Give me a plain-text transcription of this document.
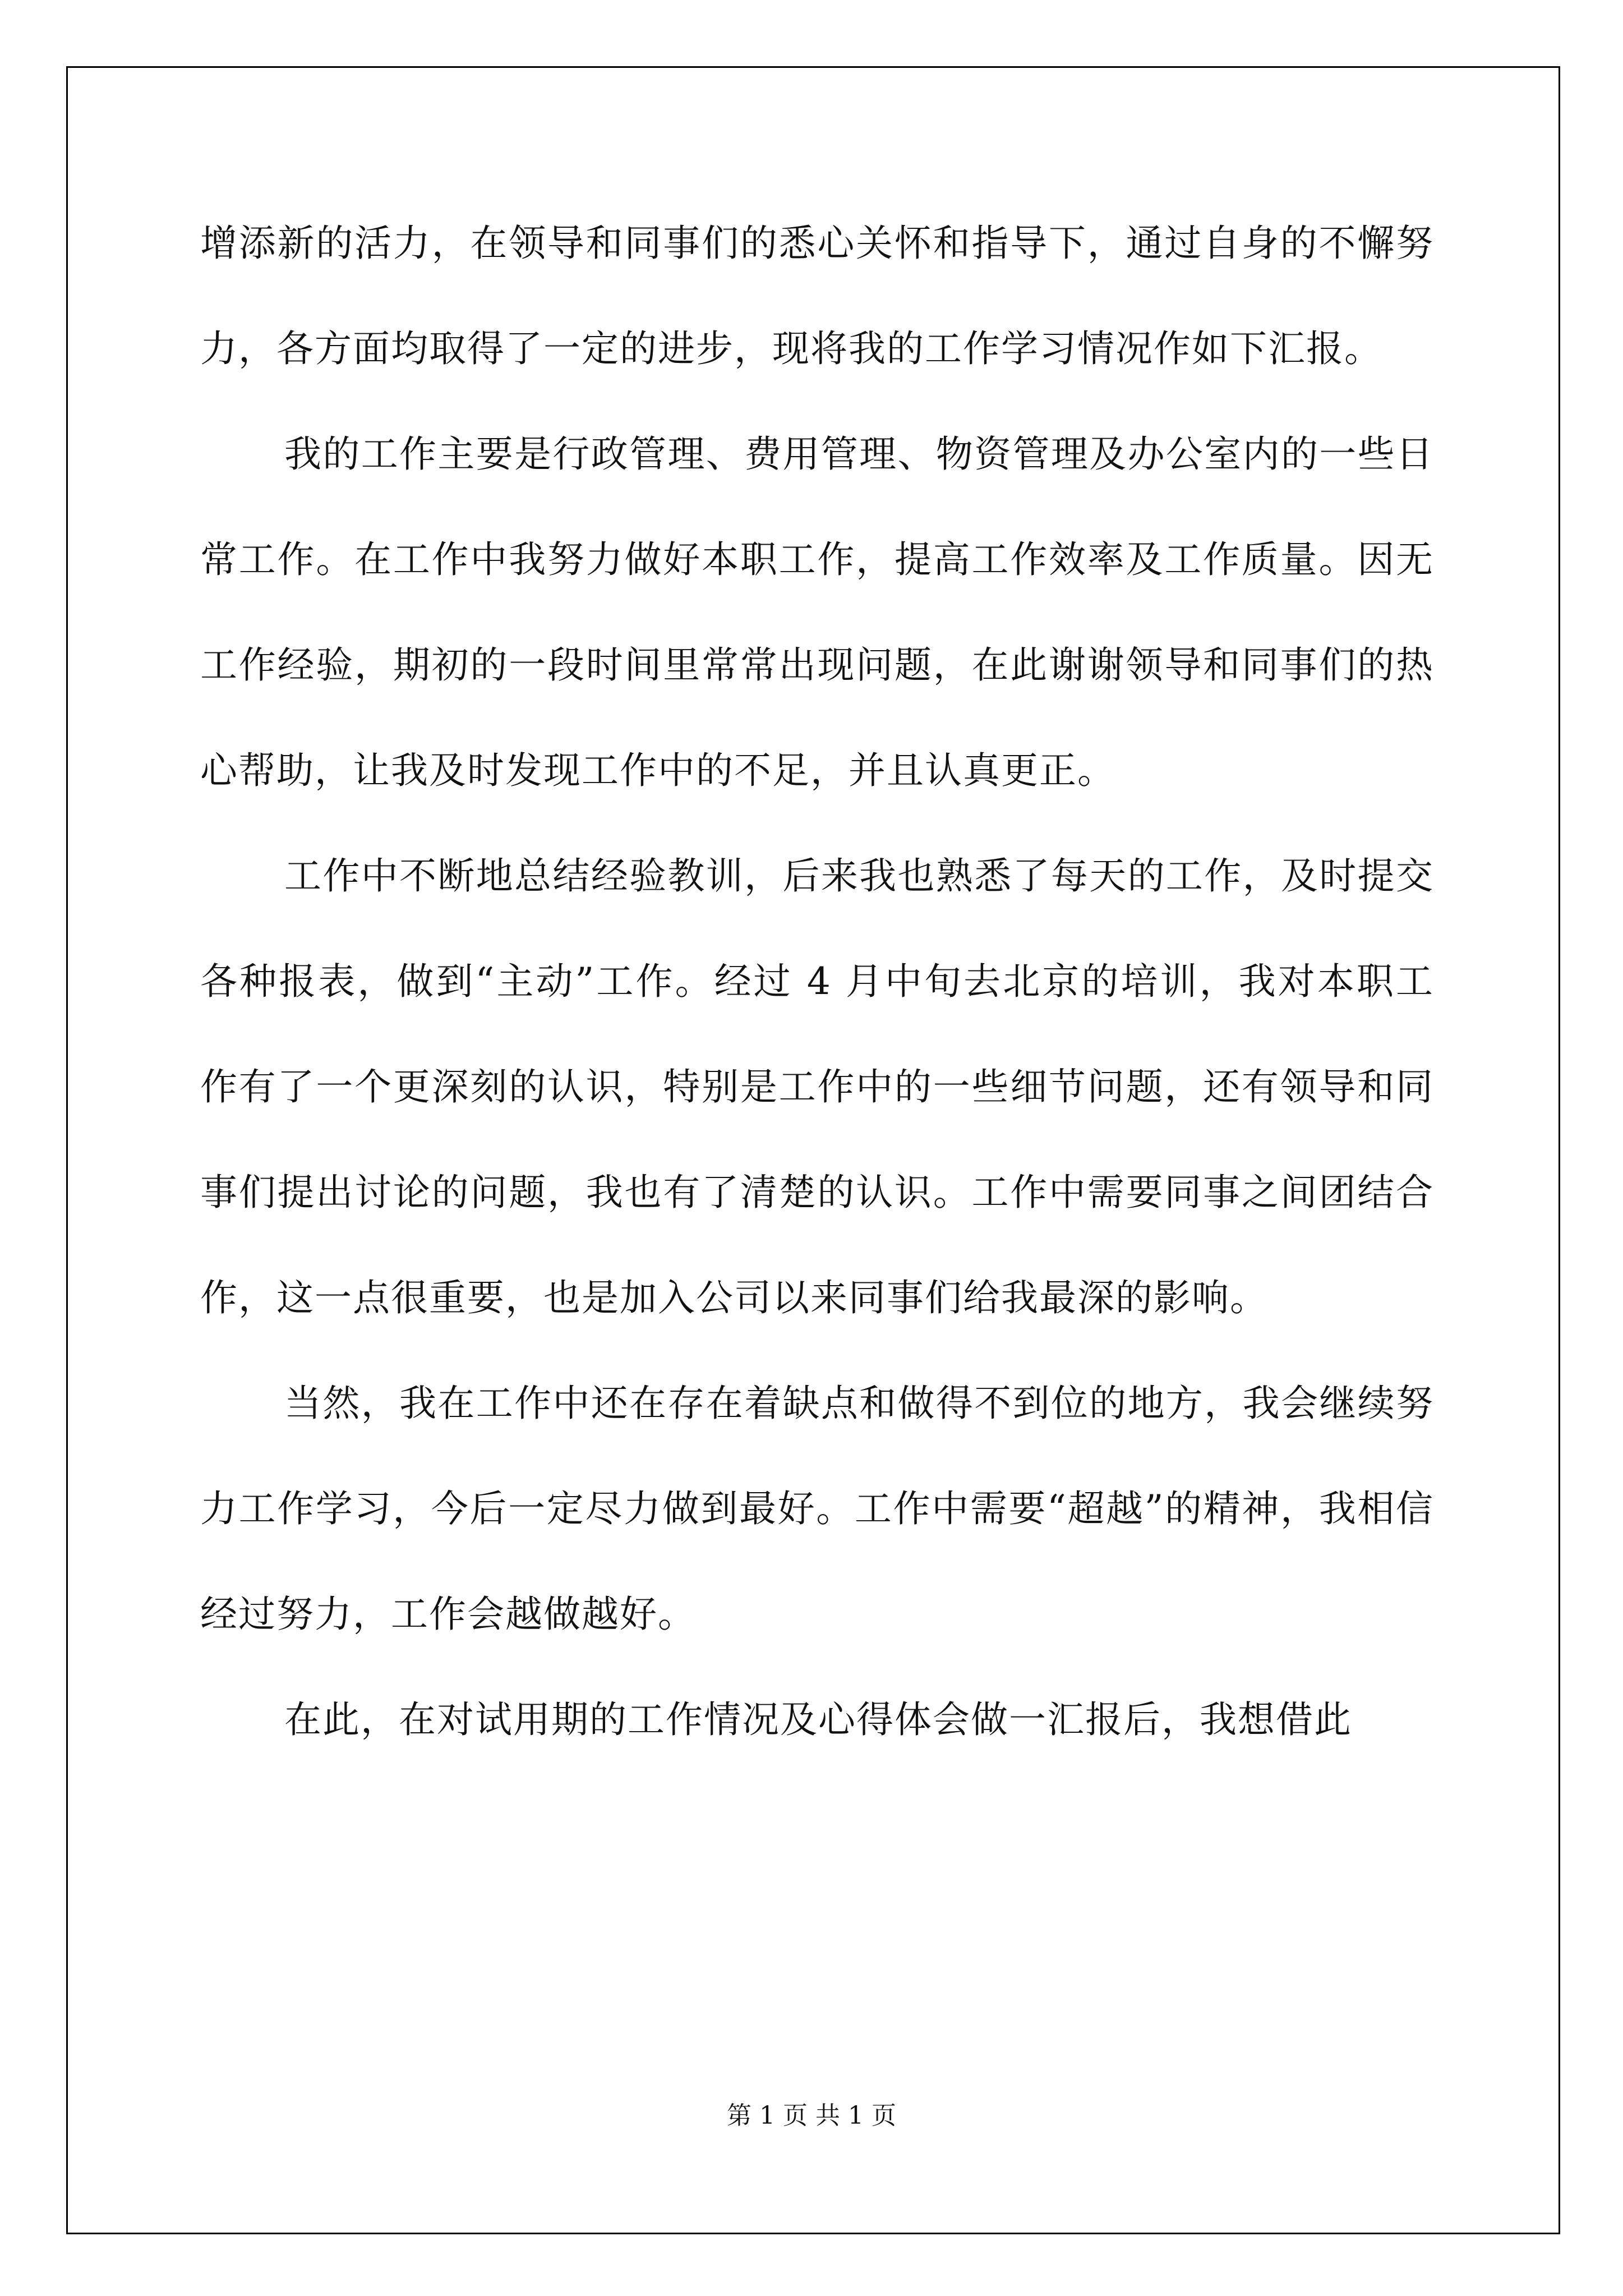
增添新的活力，在领导和同事们的悉心关怀和指导下，通过自身的不懈努力，各方面均取得了一定的进步，现将我的工作学习情况作如下汇报。

我的工作主要是行政管理、费用管理、物资管理及办公室内的一些日常工作。在工作中我努力做好本职工作，提高工作效率及工作质量。因无工作经验，期初的一段时间里常常出现问题，在此谢谢领导和同事们的热心帮助，让我及时发现工作中的不足，并且认真更正。

工作中不断地总结经验教训，后来我也熟悉了每天的工作，及时提交各种报表，做到“主动”工作。经过 4 月中旬去北京的培训，我对本职工作有了一个更深刻的认识，特别是工作中的一些细节问题，还有领导和同事们提出讨论的问题，我也有了清楚的认识。工作中需要同事之间团结合作，这一点很重要，也是加入公司以来同事们给我最深的影响。

当然，我在工作中还在存在着缺点和做得不到位的地方，我会继续努力工作学习，今后一定尽力做到最好。工作中需要“超越”的精神，我相信经过努力，工作会越做越好。

在此，在对试用期的工作情况及心得体会做一汇报后，我想借此

第 1 页 共 1 页
